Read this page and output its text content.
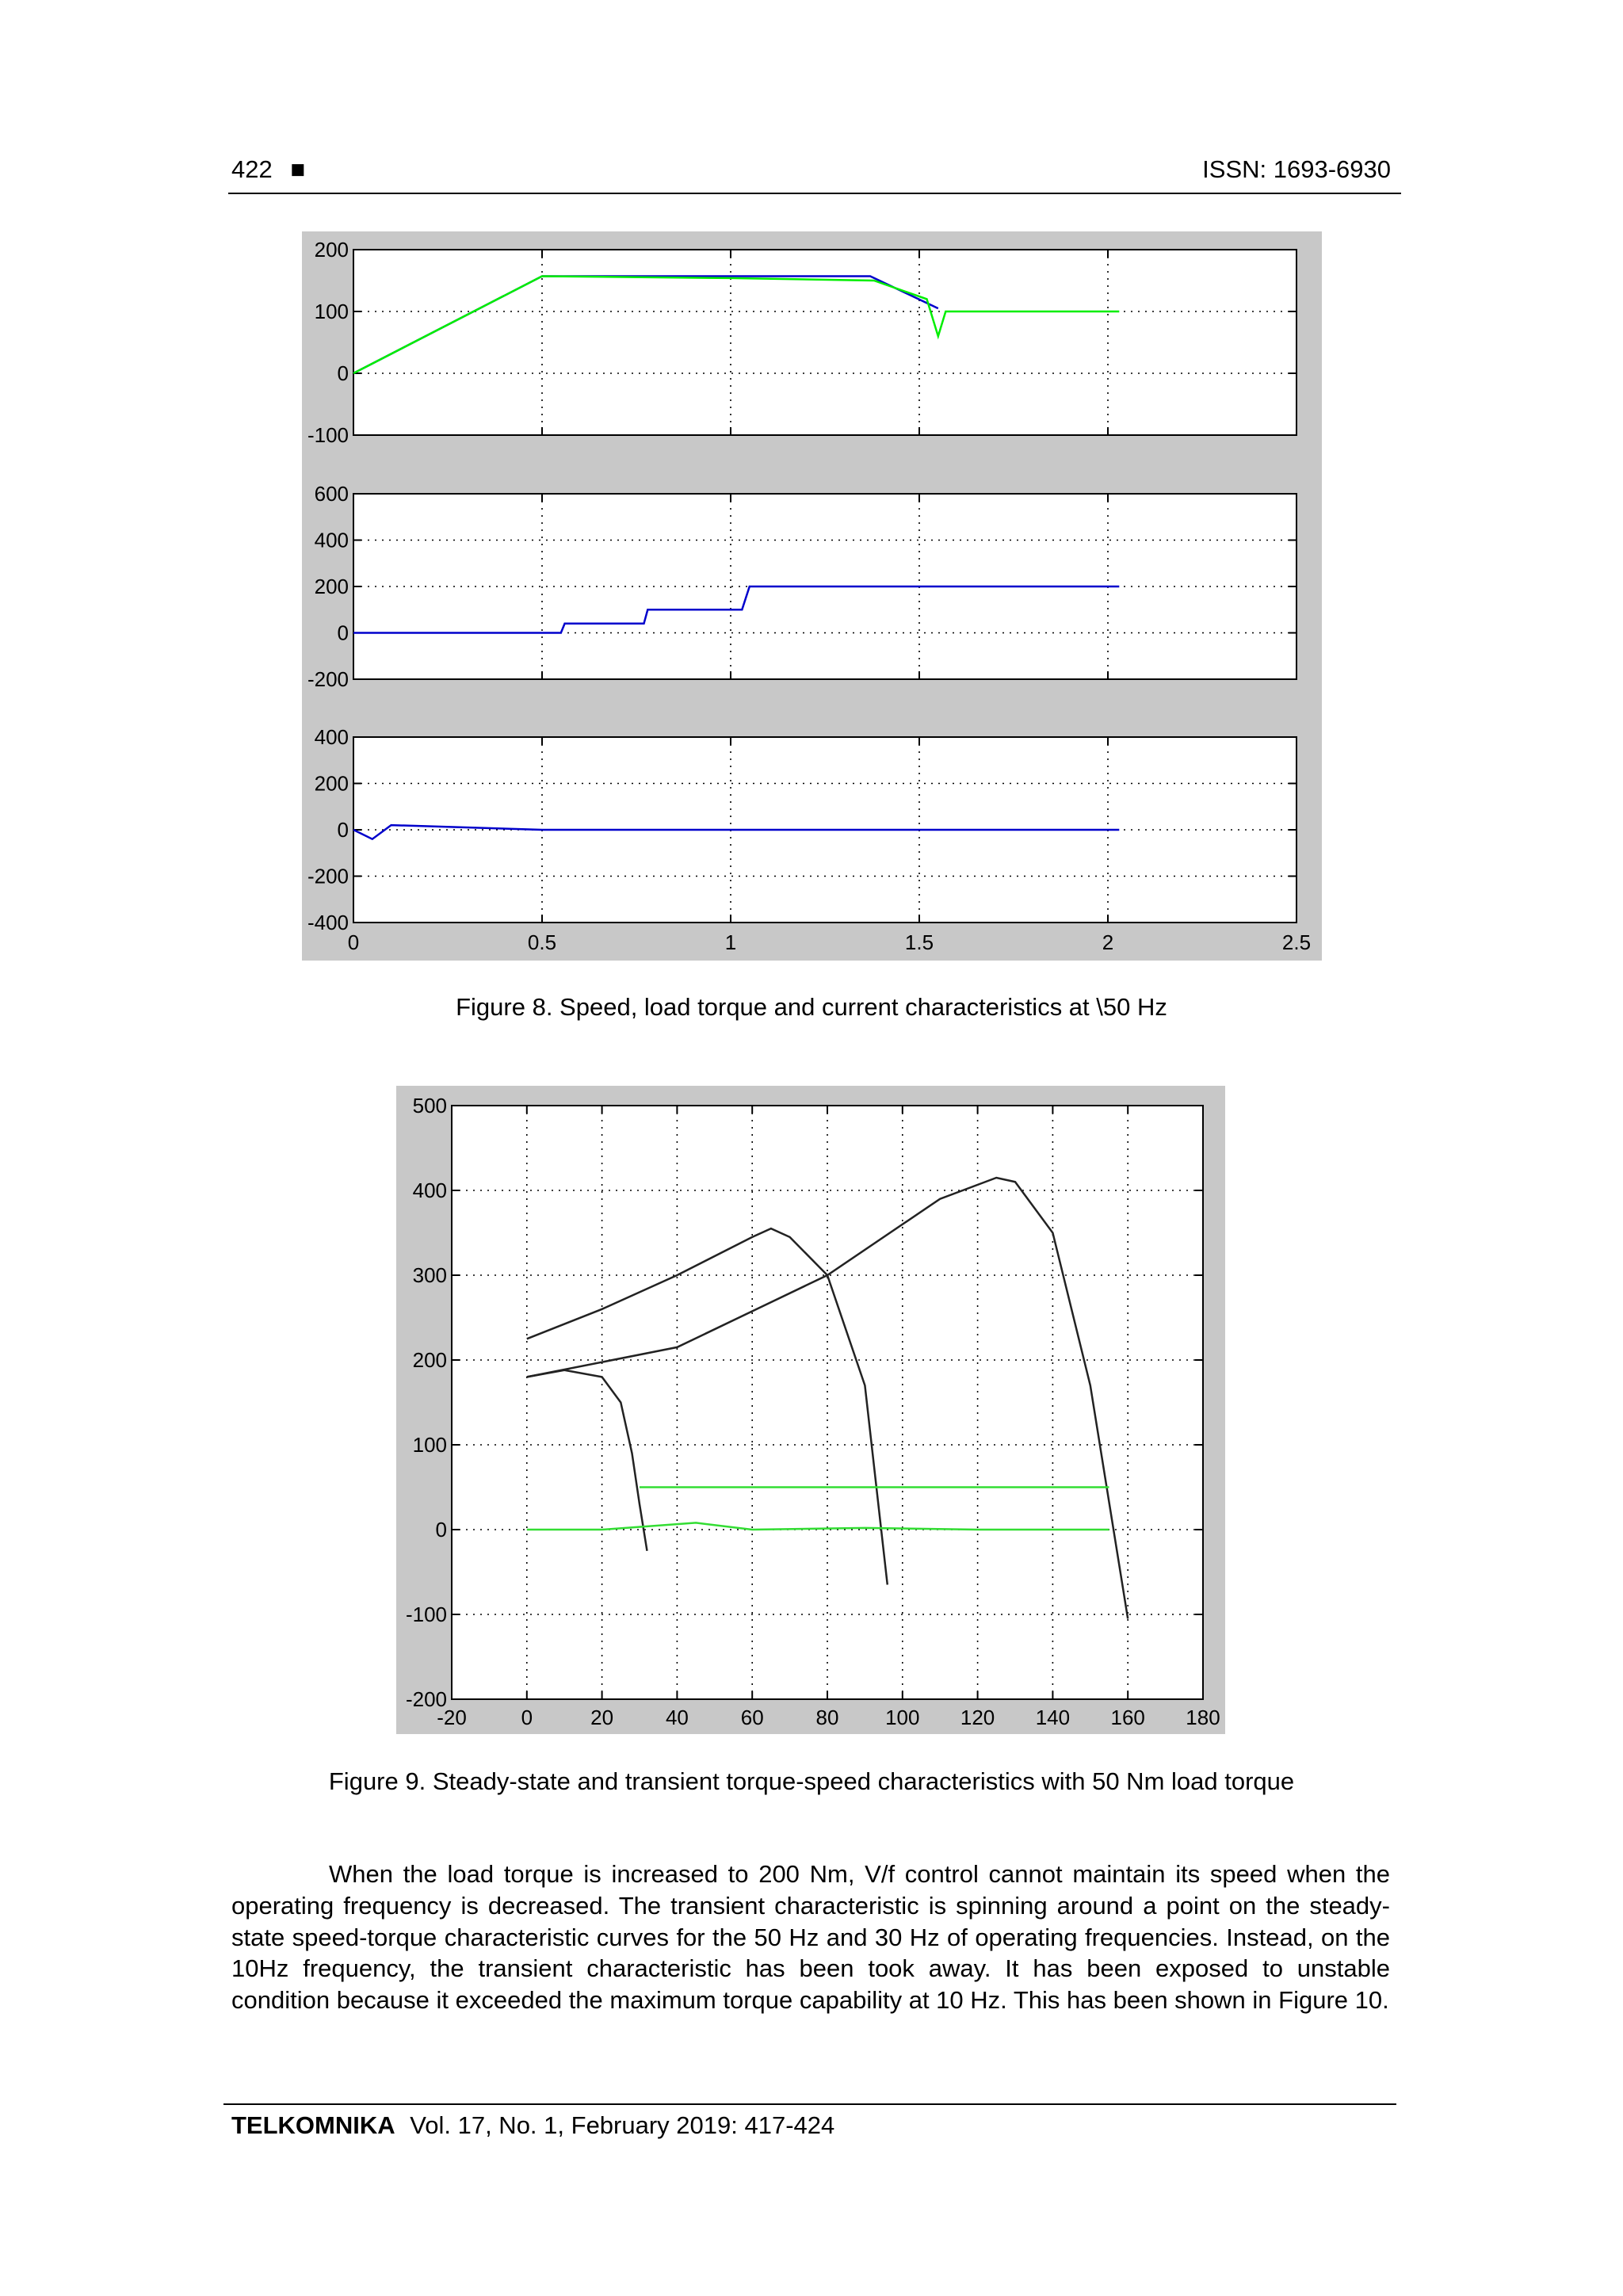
422 ■	ISSN: 1693-6930
200
100
0
-100
600
400
200
0
-200
400
200
0
-200
-400
0	0.5	1	1.5	2	2.5
Figure 8. Speed, load torque and current characteristics at \50 Hz
500
400
300
200
100
0
-100
-200
-20	0	20	40	60	80 100 120 140 160 180
Figure 9. Steady-state and transient torque-speed characteristics with 50 Nm load torque
When the load torque is increased to 200 Nm, V/f control cannot maintain its speed when the operating frequency is decreased. The transient characteristic is spinning around a point on the steady-state speed-torque characteristic curves for the 50 Hz and 30 Hz of operating frequencies. Instead, on the 10Hz frequency, the transient characteristic has been took away. It has been exposed to unstable condition because it exceeded the maximum torque capability at 10 Hz. This has been shown in Figure 10.
TELKOMNIKA Vol. 17, No. 1, February 2019: 417-424
